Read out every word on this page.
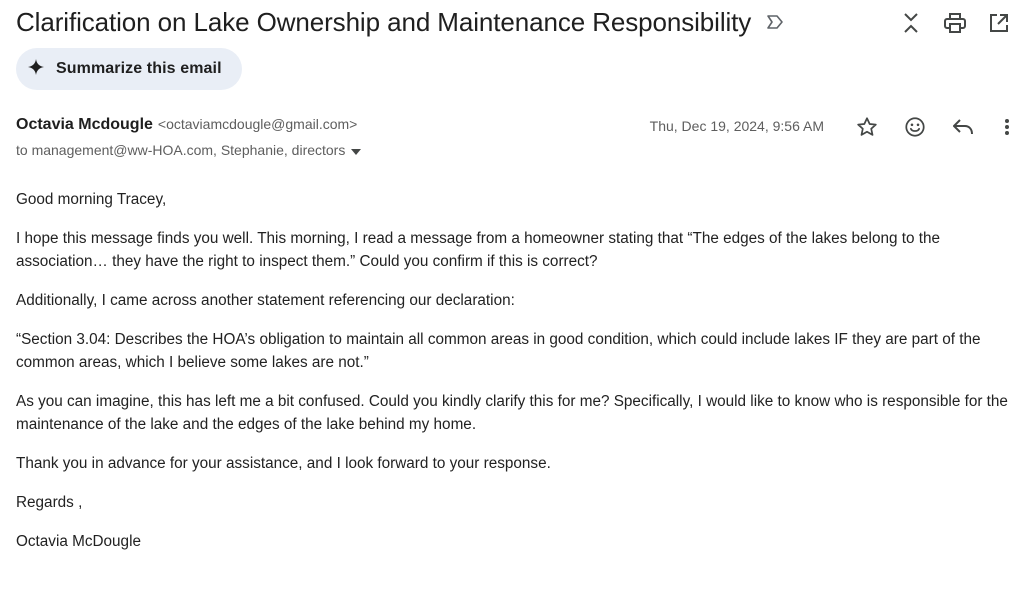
Clarification on Lake Ownership and Maintenance Responsibility
Summarize this email
Octavia Mcdougle <octaviamcdougle@gmail.com>
to management@ww-HOA.com, Stephanie, directors
Thu, Dec 19, 2024, 9:56 AM

Good morning Tracey,

I hope this message finds you well. This morning, I read a message from a homeowner stating that “The edges of the lakes belong to the association… they have the right to inspect them.” Could you confirm if this is correct?

Additionally, I came across another statement referencing our declaration:

“Section 3.04: Describes the HOA’s obligation to maintain all common areas in good condition, which could include lakes IF they are part of the common areas, which I believe some lakes are not.”

As you can imagine, this has left me a bit confused. Could you kindly clarify this for me? Specifically, I would like to know who is responsible for the maintenance of the lake and the edges of the lake behind my home.

Thank you in advance for your assistance, and I look forward to your response.

Regards ,

Octavia McDougle
